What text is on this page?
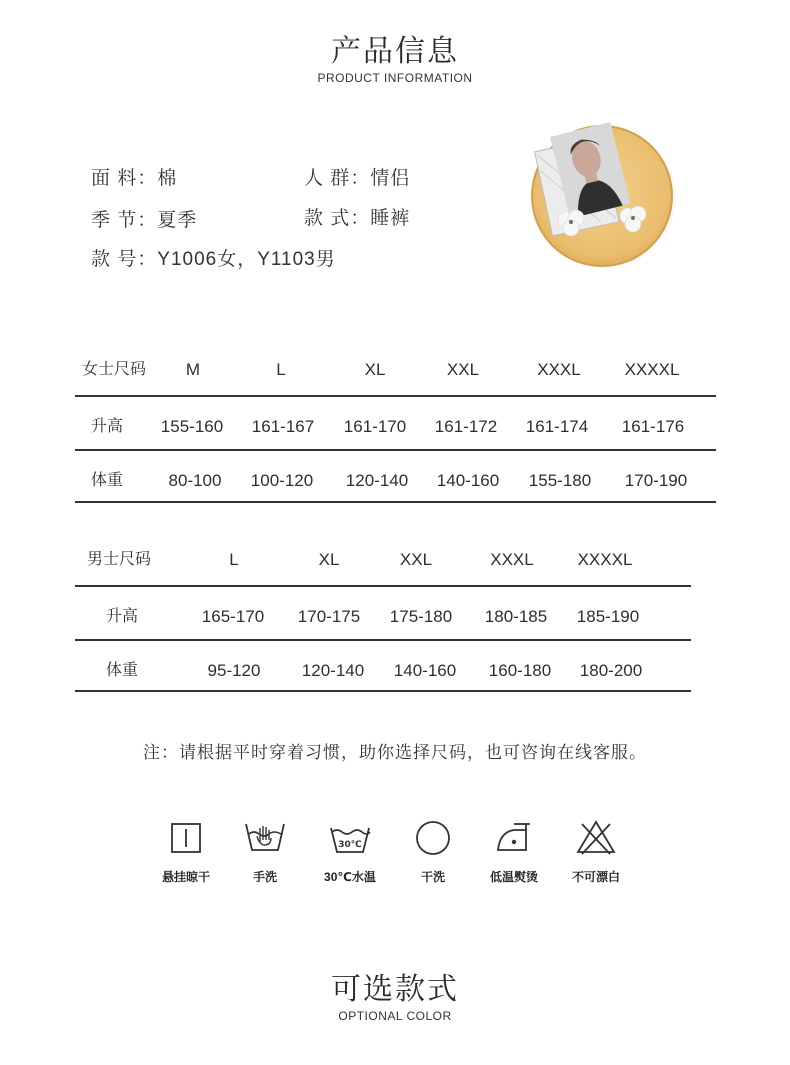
产品信息
PRODUCT INFORMATION
面 料：棉	人 群：情侣
季 节：夏季	款 式：睡裤
款 号：Y1006女，Y1103男
女士尺码 M	L	XL	XXL	XXXL	XXXXL
升高 155-160 161-167 161-170 161-172 161-174 161-176
体重	80-100 100-120 120-140 140-160 155-180 170-190
男士尺码	L	XL	XXL	XXXL	XXXXL
升高	165-170 170-175 175-180 180-185 185-190
体重	95-120 120-140 140-160 160-180 180-200
注：请根据平时穿着习惯，助你选择尺码，也可咨询在线客服。
悬挂晾干	手洗
30℃
30℃水温	干洗	低温熨烫	不可漂白
可选款式
OPTIONAL COLOR
